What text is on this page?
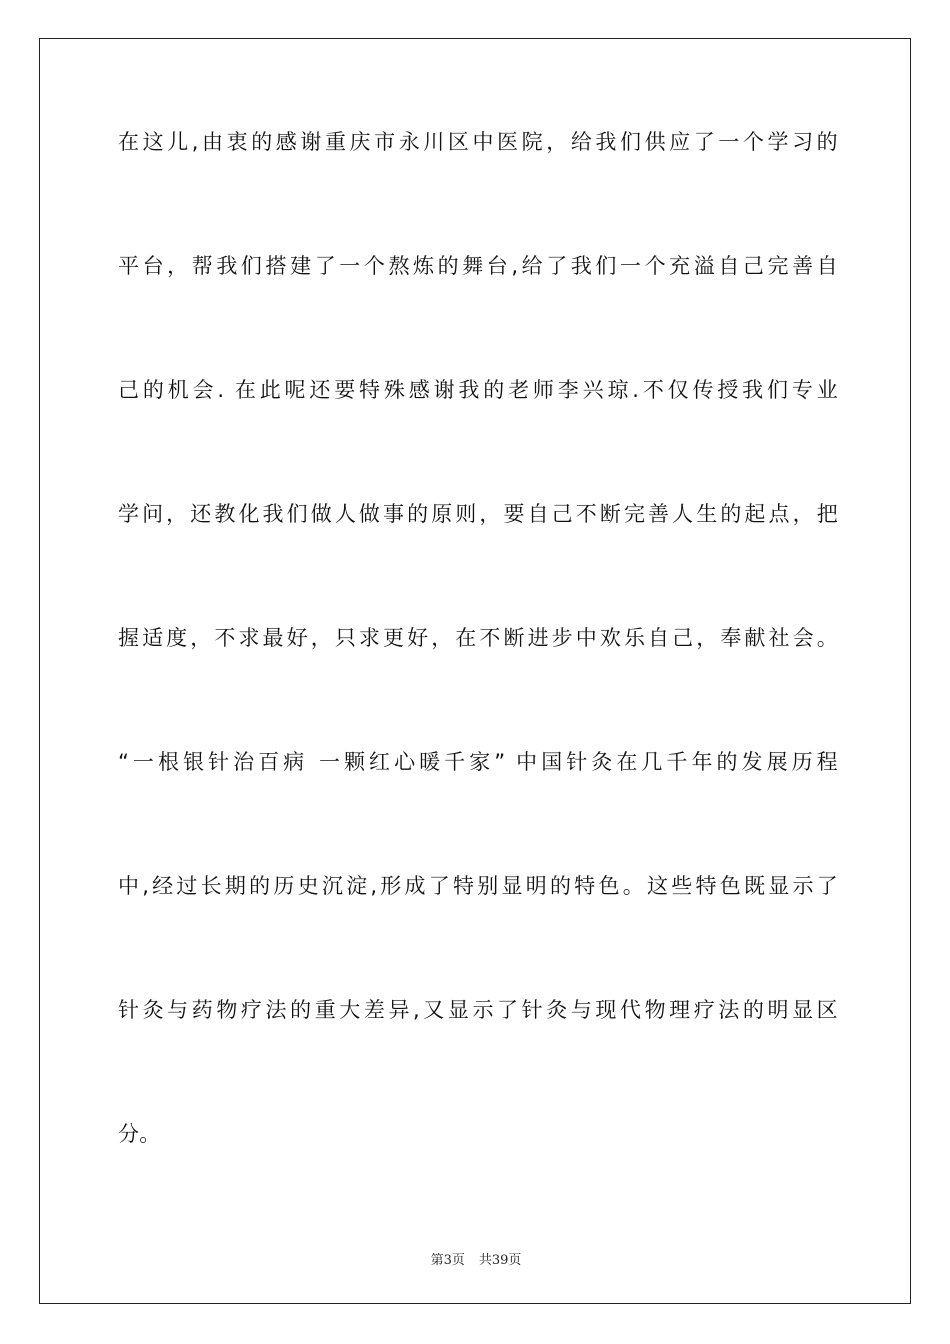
在这儿,由衷的感谢重庆市永川区中医院，给我们供应了一个学习的
平台，帮我们搭建了一个熬炼的舞台,给了我们一个充溢自己完善自
己的机会. 在此呢还要特殊感谢我的老师李兴琼.不仅传授我们专业
学问，还教化我们做人做事的原则，要自己不断完善人生的起点，把
握适度，不求最好，只求更好，在不断进步中欢乐自己，奉献社会。
“一根银针治百病 一颗红心暖千家” 中国针灸在几千年的发展历程
中,经过长期的历史沉淀,形成了特别显明的特色。这些特色既显示了
针灸与药物疗法的重大差异,又显示了针灸与现代物理疗法的明显区
分。
第3页 共39页
